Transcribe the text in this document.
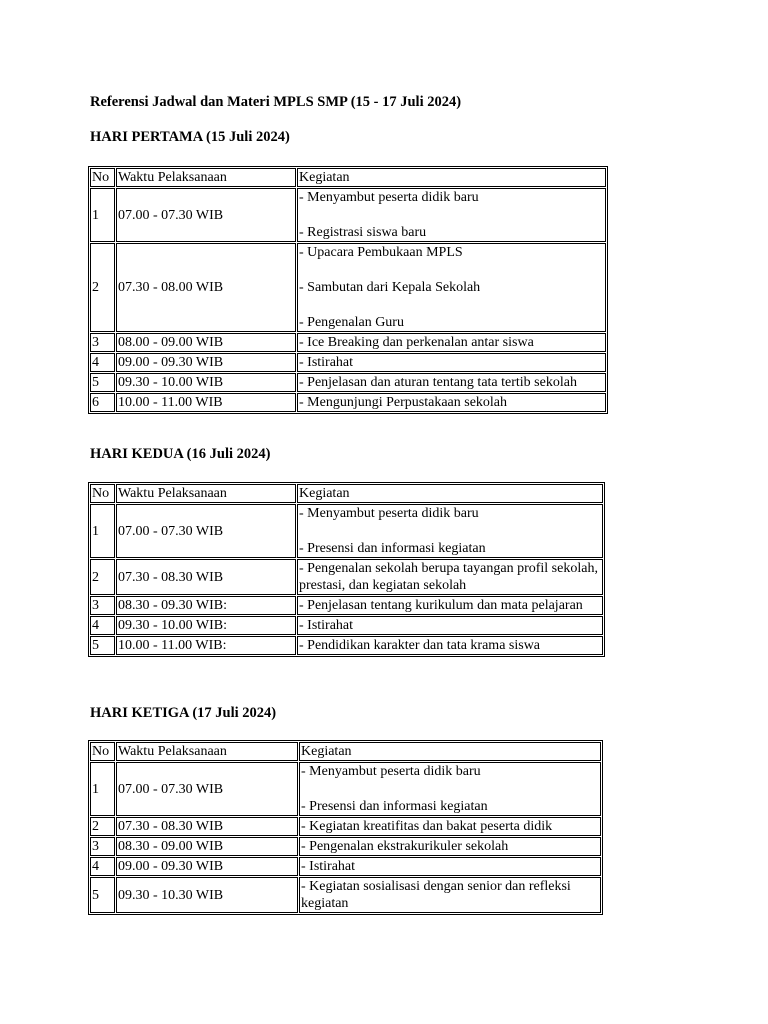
Referensi Jadwal dan Materi MPLS SMP (15 - 17 Juli 2024)

HARI PERTAMA (15 Juli 2024)

No	Waktu Pelaksanaan	Kegiatan
1	07.00 - 07.30 WIB	- Menyambut peserta didik baru
- Registrasi siswa baru

2	07.30 - 08.00 WIB	- Upacara Pembukaan MPLS
- Sambutan dari Kepala Sekolah
- Pengenalan Guru

3	08.00 - 09.00 WIB	- Ice Breaking dan perkenalan antar siswa

4	09.00 - 09.30 WIB	- Istirahat

5	09.30 - 10.00 WIB	- Penjelasan dan aturan tentang tata tertib sekolah

6	10.00 - 11.00 WIB	- Mengunjungi Perpustakaan sekolah

HARI KEDUA (16 Juli 2024)

No	Waktu Pelaksanaan	Kegiatan
1	07.00 - 07.30 WIB	- Menyambut peserta didik baru
- Presensi dan informasi kegiatan

2	07.30 - 08.30 WIB	- Pengenalan sekolah berupa tayangan profil sekolah, prestasi, dan kegiatan sekolah

3	08.30 - 09.30 WIB:	- Penjelasan tentang kurikulum dan mata pelajaran

4	09.30 - 10.00 WIB:	- Istirahat

5	10.00 - 11.00 WIB:	- Pendidikan karakter dan tata krama siswa

HARI KETIGA (17 Juli 2024)

No	Waktu Pelaksanaan	Kegiatan
1	07.00 - 07.30 WIB	- Menyambut peserta didik baru
- Presensi dan informasi kegiatan

2	07.30 - 08.30 WIB	- Kegiatan kreatifitas dan bakat peserta didik

3	08.30 - 09.00 WIB	- Pengenalan ekstrakurikuler sekolah

4	09.00 - 09.30 WIB	- Istirahat

5	09.30 - 10.30 WIB	- Kegiatan sosialisasi dengan senior dan refleksi kegiatan
